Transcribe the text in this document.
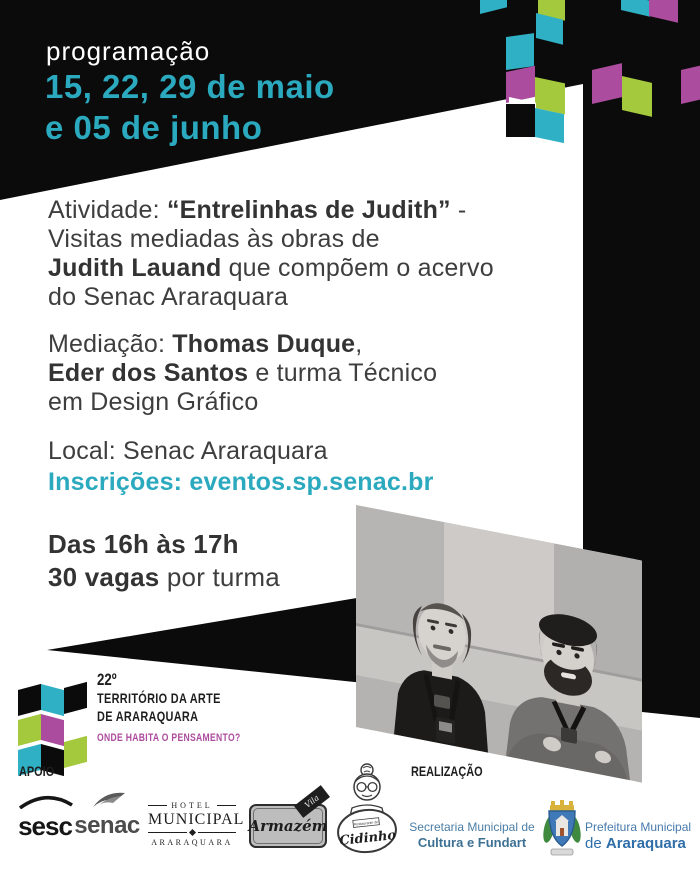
programação
15, 22, 29 de maio
e 05 de junho
Atividade: “Entrelinhas de Judith” -
Visitas mediadas às obras de
Judith Lauand que compõem o acervo
do Senac Araraquara
Mediação: Thomas Duque,
Eder dos Santos e turma Técnico
em Design Gráfico
Local: Senac Araraquara
Inscrições: eventos.sp.senac.br
Das 16h às 17h
30 vagas por turma
22º
TERRITÓRIO DA ARTE
DE ARARAQUARA
ONDE HABITA O PENSAMENTO?
APOIO	REALIZAÇÃO
sesc senac
HOTEL
MUNICIPAL
ARARAQUARA
Armazém
Vila
Restaurante do
Cidinho
Secretaria Municipal de
Cultura e Fundart
Prefeitura Municipal
de Araraquara
